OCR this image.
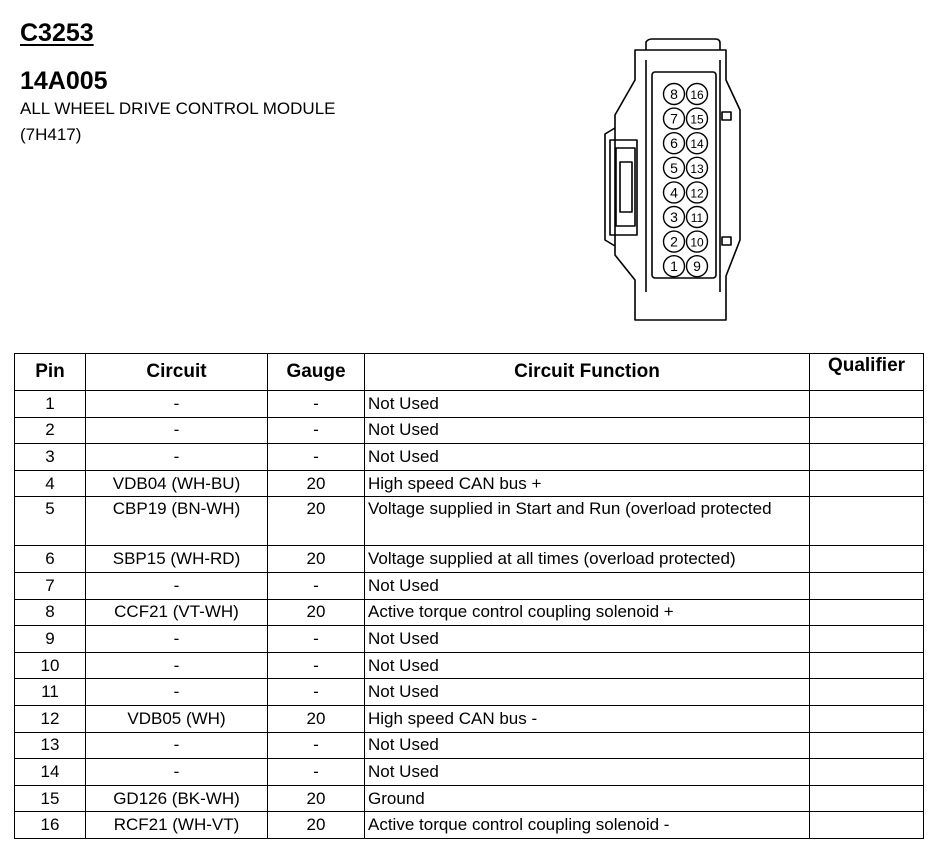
C3253
14A005
ALL WHEEL DRIVE CONTROL MODULE
(7H417)
8
7
6
5
4
3
2
1
16
15
14
13
12
11
10
9
Pin	Circuit	Gauge	Circuit Function	Qualifier
1	-	-	Not Used	
2	-	-	Not Used	
3	-	-	Not Used	
4	VDB04 (WH-BU)	20	High speed CAN bus +	
5	CBP19 (BN-WH)	20	Voltage supplied in Start and Run (overload protected	
6	SBP15 (WH-RD)	20	Voltage supplied at all times (overload protected)	
7	-	-	Not Used	
8	CCF21 (VT-WH)	20	Active torque control coupling solenoid +	
9	-	-	Not Used	
10	-	-	Not Used	
11	-	-	Not Used	
12	VDB05 (WH)	20	High speed CAN bus -	
13	-	-	Not Used	
14	-	-	Not Used	
15	GD126 (BK-WH)	20	Ground	
16	RCF21 (WH-VT)	20	Active torque control coupling solenoid -	
